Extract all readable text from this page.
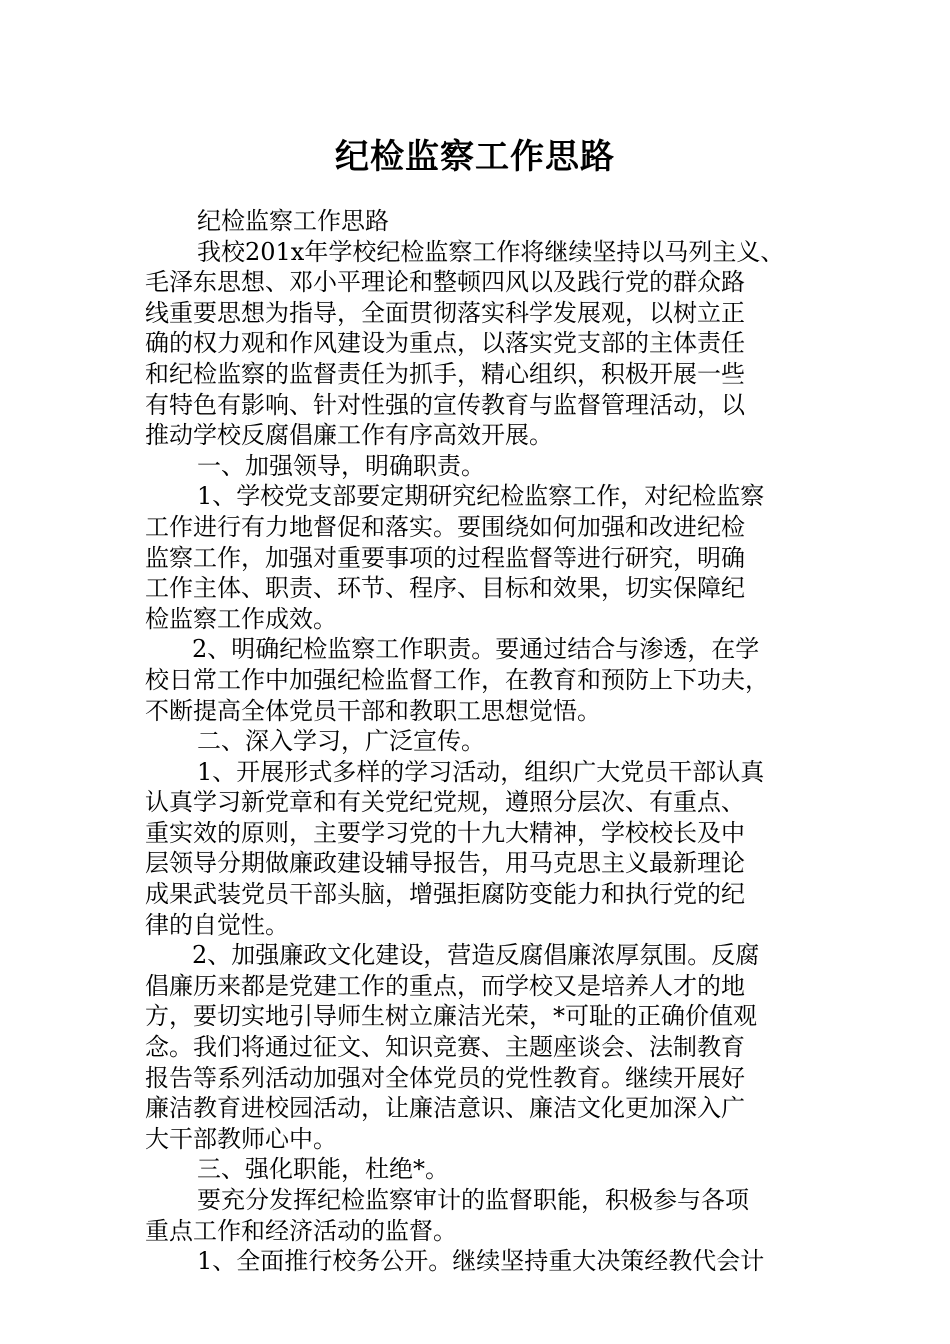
纪检监察工作思路
纪检监察工作思路
我校201x年学校纪检监察工作将继续坚持以马列主义、
毛泽东思想、邓小平理论和整顿四风以及践行党的群众路
线重要思想为指导，全面贯彻落实科学发展观，以树立正
确的权力观和作风建设为重点，以落实党支部的主体责任
和纪检监察的监督责任为抓手，精心组织，积极开展一些
有特色有影响、针对性强的宣传教育与监督管理活动，以
推动学校反腐倡廉工作有序高效开展。
一、加强领导，明确职责。
1、学校党支部要定期研究纪检监察工作，对纪检监察
工作进行有力地督促和落实。要围绕如何加强和改进纪检
监察工作，加强对重要事项的过程监督等进行研究，明确
工作主体、职责、环节、程序、目标和效果，切实保障纪
检监察工作成效。
2、明确纪检监察工作职责。要通过结合与渗透，在学
校日常工作中加强纪检监督工作，在教育和预防上下功夫，
不断提高全体党员干部和教职工思想觉悟。
二、深入学习，广泛宣传。
1、开展形式多样的学习活动，组织广大党员干部认真
认真学习新党章和有关党纪党规，遵照分层次、有重点、
重实效的原则，主要学习党的十九大精神，学校校长及中
层领导分期做廉政建设辅导报告，用马克思主义最新理论
成果武装党员干部头脑，增强拒腐防变能力和执行党的纪
律的自觉性。
2、加强廉政文化建设，营造反腐倡廉浓厚氛围。反腐
倡廉历来都是党建工作的重点，而学校又是培养人才的地
方，要切实地引导师生树立廉洁光荣，*可耻的正确价值观
念。我们将通过征文、知识竞赛、主题座谈会、法制教育
报告等系列活动加强对全体党员的党性教育。继续开展好
廉洁教育进校园活动，让廉洁意识、廉洁文化更加深入广
大干部教师心中。
三、强化职能，杜绝*。
要充分发挥纪检监察审计的监督职能，积极参与各项
重点工作和经济活动的监督。
1、全面推行校务公开。继续坚持重大决策经教代会计
